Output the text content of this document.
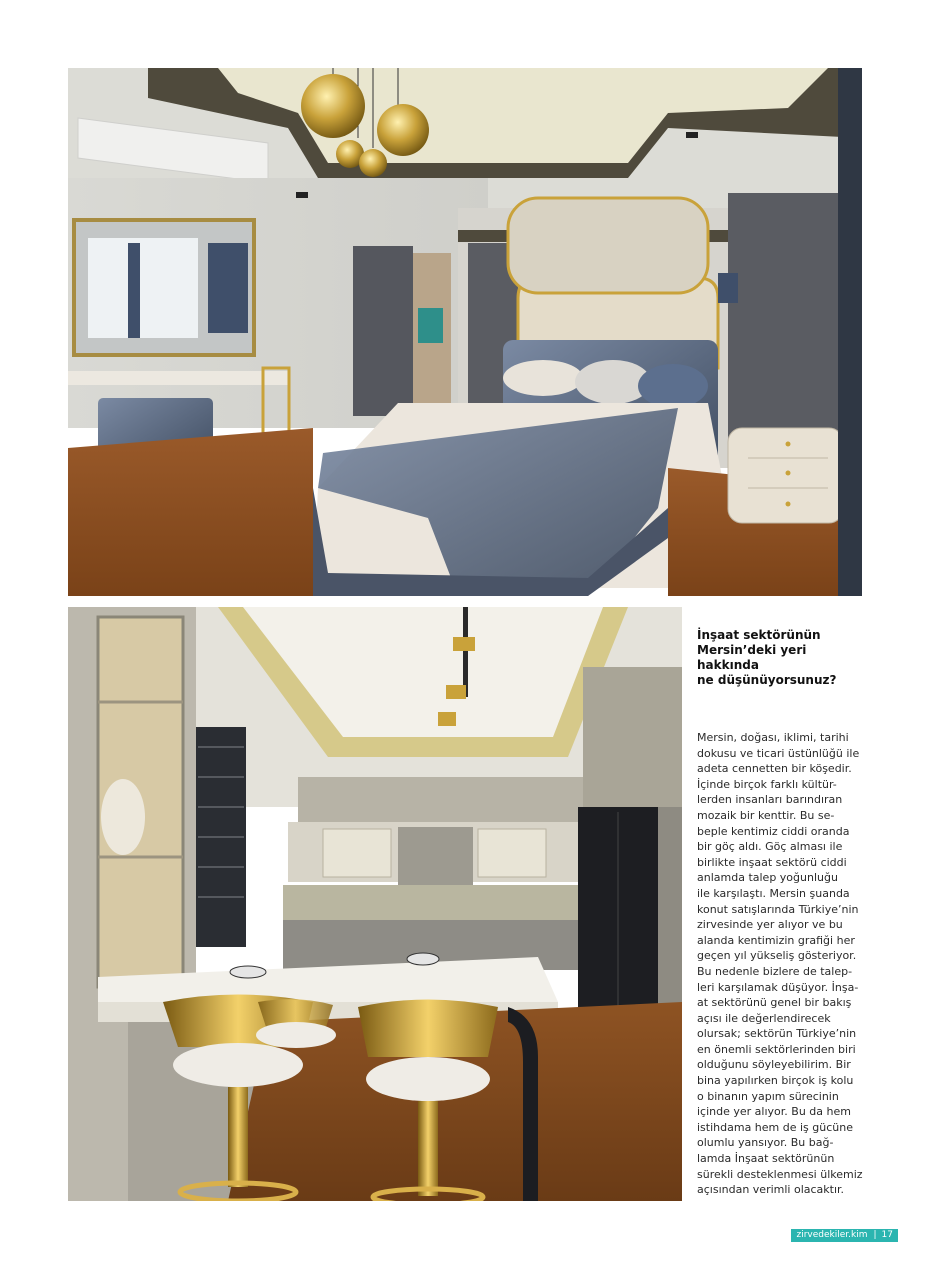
İnşaat sektörünün
Mersin’deki yeri
hakkında
ne düşünüyorsunuz?
Mersin, doğası, iklimi, tarihi
dokusu ve ticari üstünlüğü ile
adeta cennetten bir köşedir.
İçinde birçok farklı kültür-
lerden insanları barındıran
mozaik bir kenttir. Bu se-
beple kentimiz ciddi oranda
bir göç aldı. Göç alması ile
birlikte inşaat sektörü ciddi
anlamda talep yoğunluğu
ile karşılaştı. Mersin şuanda
konut satışlarında Türkiye’nin
zirvesinde yer alıyor ve bu
alanda kentimizin grafiği her
geçen yıl yükseliş gösteriyor.
Bu nedenle bizlere de talep-
leri karşılamak düşüyor. İnşa-
at sektörünü genel bir bakış
açısı ile değerlendirecek
olursak; sektörün Türkiye’nin
en önemli sektörlerinden biri
olduğunu söyleyebilirim. Bir
bina yapılırken birçok iş kolu
o binanın yapım sürecinin
içinde yer alıyor. Bu da hem
istihdama hem de iş gücüne
olumlu yansıyor. Bu bağ-
lamda İnşaat sektörünün
sürekli desteklenmesi ülkemiz
açısından verimli olacaktır.
zirvedekiler.kim | 17
